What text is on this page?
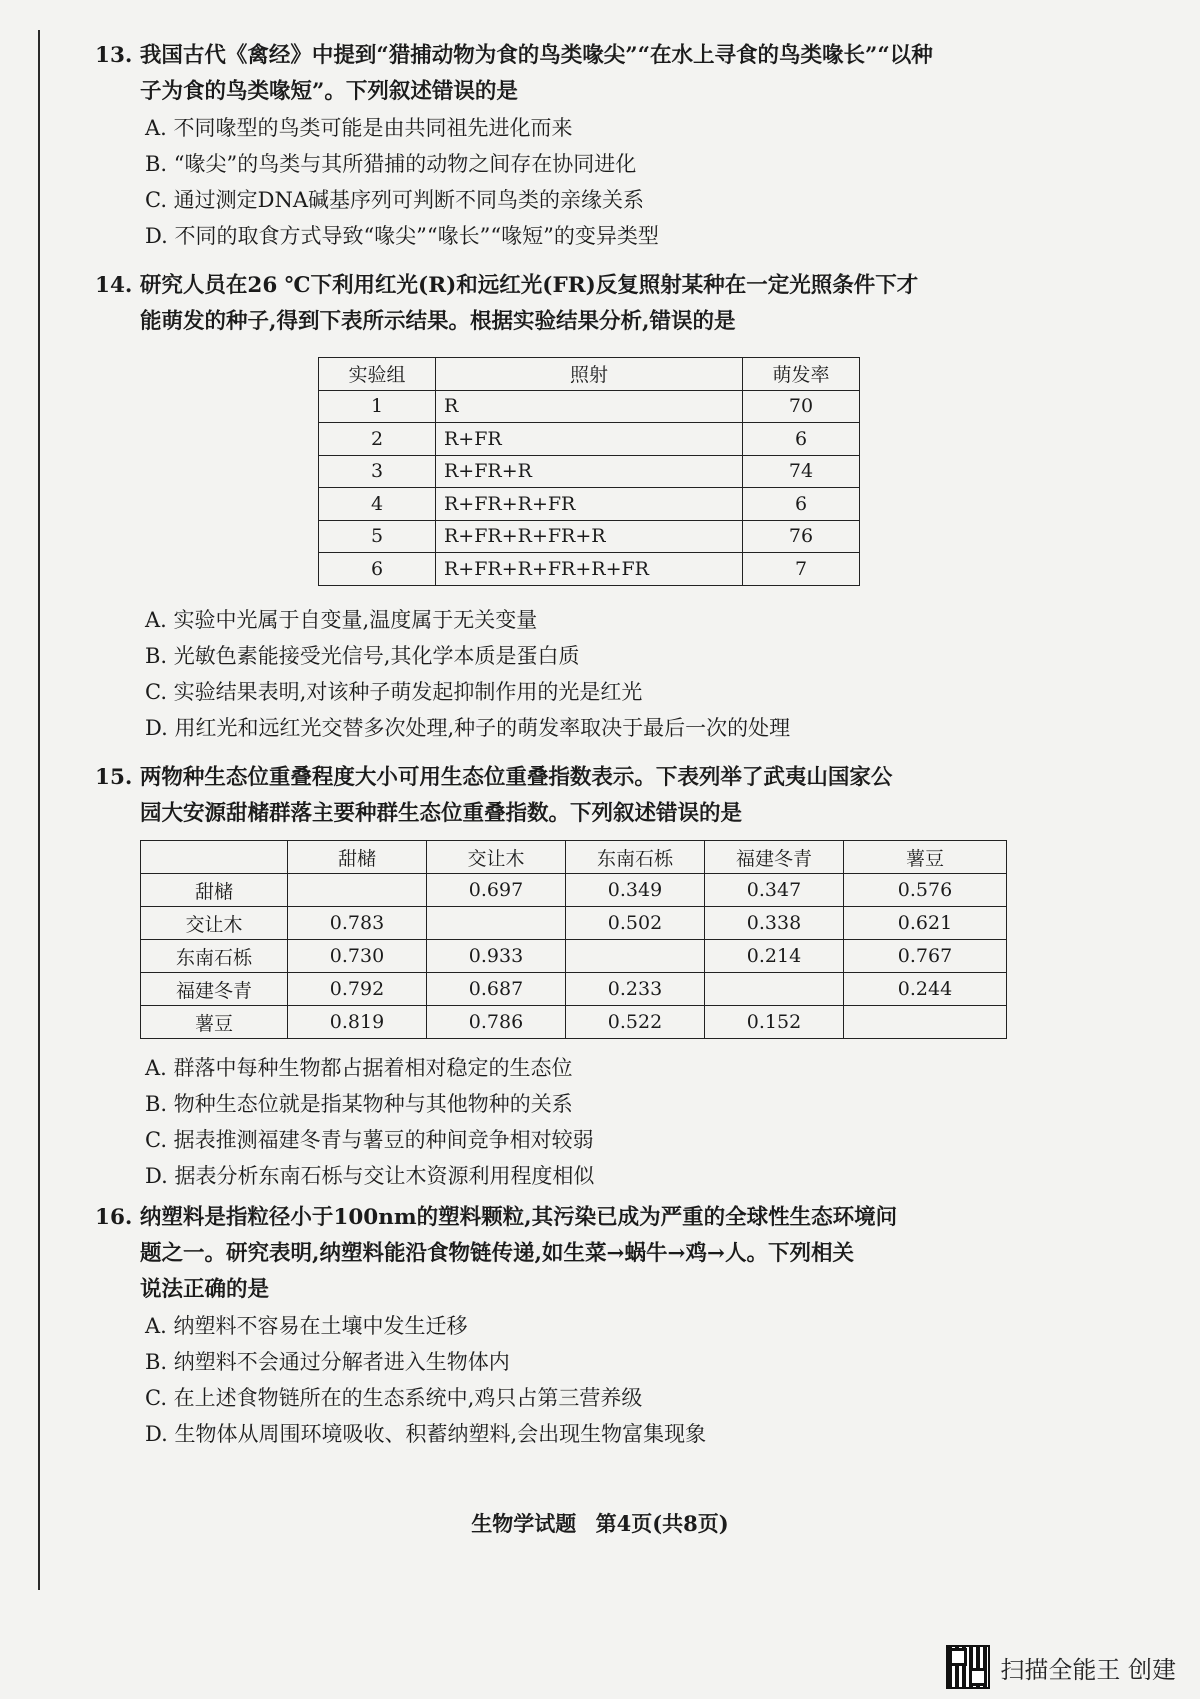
13. 我国古代《禽经》中提到“猎捕动物为食的鸟类喙尖”“在水上寻食的鸟类喙长”“以种
子为食的鸟类喙短”。下列叙述错误的是
A. 不同喙型的鸟类可能是由共同祖先进化而来
B. “喙尖”的鸟类与其所猎捕的动物之间存在协同进化
C. 通过测定DNA碱基序列可判断不同鸟类的亲缘关系
D. 不同的取食方式导致“喙尖”“喙长”“喙短”的变异类型
14. 研究人员在26 ℃下利用红光(R)和远红光(FR)反复照射某种在一定光照条件下才
能萌发的种子,得到下表所示结果。根据实验结果分析,错误的是
实验组	照射	萌发率
1	R	70
2	R+FR	6
3	R+FR+R	74
4	R+FR+R+FR	6
5	R+FR+R+FR+R	76
6	R+FR+R+FR+R+FR	7
A. 实验中光属于自变量,温度属于无关变量
B. 光敏色素能接受光信号,其化学本质是蛋白质
C. 实验结果表明,对该种子萌发起抑制作用的光是红光
D. 用红光和远红光交替多次处理,种子的萌发率取决于最后一次的处理
15. 两物种生态位重叠程度大小可用生态位重叠指数表示。下表列举了武夷山国家公
园大安源甜槠群落主要种群生态位重叠指数。下列叙述错误的是
	甜槠	交让木	东南石栎	福建冬青	薯豆
甜槠		0.697	0.349	0.347	0.576
交让木	0.783		0.502	0.338	0.621
东南石栎	0.730	0.933		0.214	0.767
福建冬青	0.792	0.687	0.233		0.244
薯豆	0.819	0.786	0.522	0.152	
A. 群落中每种生物都占据着相对稳定的生态位
B. 物种生态位就是指某物种与其他物种的关系
C. 据表推测福建冬青与薯豆的种间竞争相对较弱
D. 据表分析东南石栎与交让木资源利用程度相似
16. 纳塑料是指粒径小于100nm的塑料颗粒,其污染已成为严重的全球性生态环境问
题之一。研究表明,纳塑料能沿食物链传递,如生菜→蜗牛→鸡→人。下列相关
说法正确的是
A. 纳塑料不容易在土壤中发生迁移
B. 纳塑料不会通过分解者进入生物体内
C. 在上述食物链所在的生态系统中,鸡只占第三营养级
D. 生物体从周围环境吸收、积蓄纳塑料,会出现生物富集现象
生物学试题 第4页(共8页)
扫描全能王 创建
